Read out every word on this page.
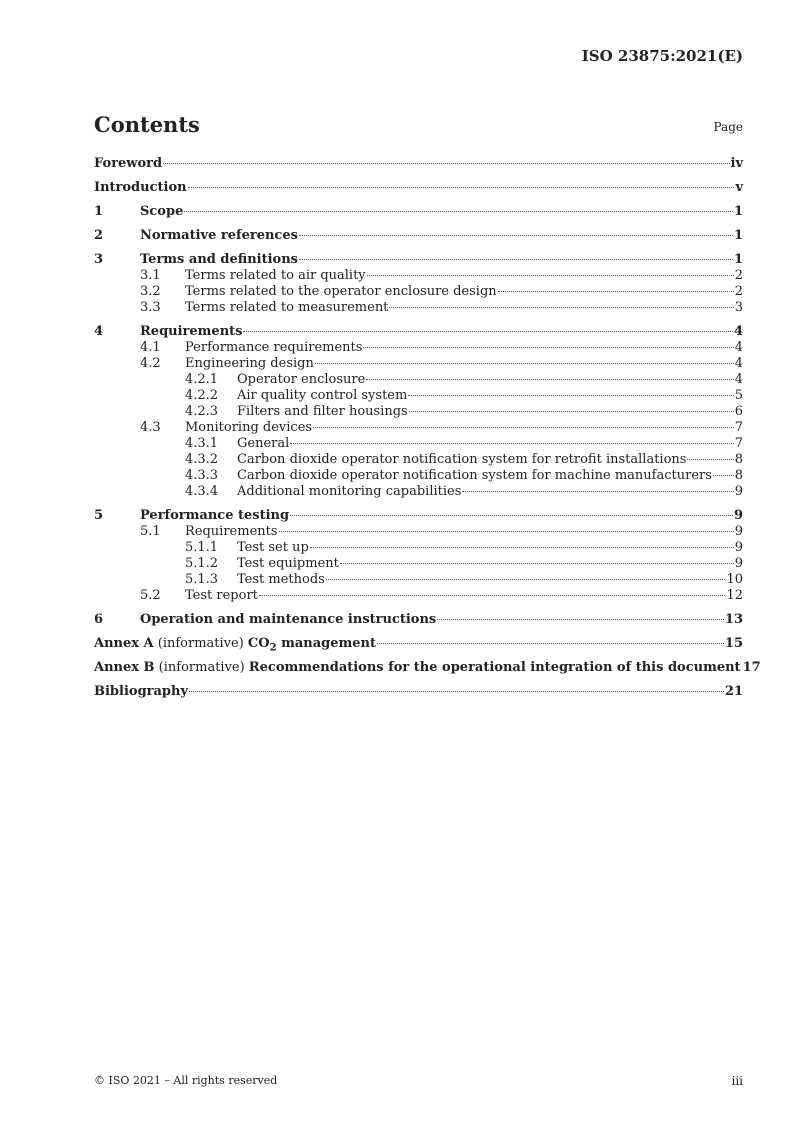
ISO 23875:2021(E)

Contents	Page
Foreword	iv
Introduction	v
1	Scope	1
2	Normative references	1
3	Terms and definitions	1
3.1	Terms related to air quality	2
3.2	Terms related to the operator enclosure design	2
3.3	Terms related to measurement	3
4	Requirements	4
4.1	Performance requirements	4
4.2	Engineering design	4
4.2.1	Operator enclosure	4
4.2.2	Air quality control system	5
4.2.3	Filters and filter housings	6
4.3	Monitoring devices	7
4.3.1	General	7
4.3.2	Carbon dioxide operator notification system for retrofit installations	8
4.3.3	Carbon dioxide operator notification system for machine manufacturers 8
4.3.4	Additional monitoring capabilities	9
5	Performance testing	9
5.1	Requirements	9
5.1.1	Test set up	9
5.1.2	Test equipment	9
5.1.3	Test methods	10
5.2	Test report	12
6	Operation and maintenance instructions	13
Annex A (informative) $CO_2$ management	15
Annex B (informative) Recommendations for the operational integration of this document 17
Bibliography	21
© ISO 2021 – All rights reserved	iii
